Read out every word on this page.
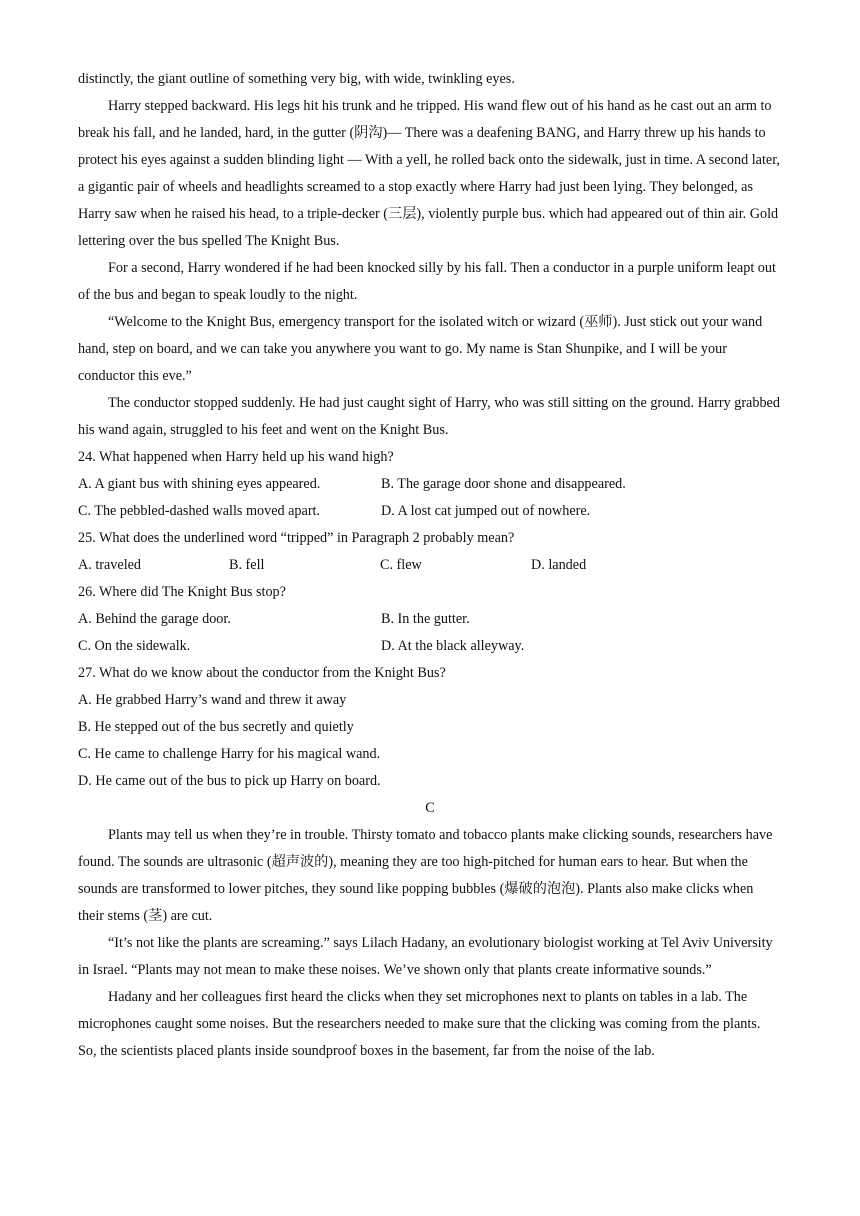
distinctly, the giant outline of something very big, with wide, twinkling eyes.

Harry stepped backward. His legs hit his trunk and he tripped. His wand flew out of his hand as he cast out an arm to break his fall, and he landed, hard, in the gutter (阴沟)— There was a deafening BANG, and Harry threw up his hands to protect his eyes against a sudden blinding light — With a yell, he rolled back onto the sidewalk, just in time. A second later, a gigantic pair of wheels and headlights screamed to a stop exactly where Harry had just been lying. They belonged, as Harry saw when he raised his head, to a triple-decker (三层), violently purple bus. which had appeared out of thin air. Gold lettering over the bus spelled The Knight Bus.

For a second, Harry wondered if he had been knocked silly by his fall. Then a conductor in a purple uniform leapt out of the bus and began to speak loudly to the night.

“Welcome to the Knight Bus, emergency transport for the isolated witch or wizard (巫师). Just stick out your wand hand, step on board, and we can take you anywhere you want to go. My name is Stan Shunpike, and I will be your conductor this eve.”

The conductor stopped suddenly. He had just caught sight of Harry, who was still sitting on the ground. Harry grabbed his wand again, struggled to his feet and went on the Knight Bus.

24. What happened when Harry held up his wand high?

A. A giant bus with shining eyes appeared.	B. The garage door shone and disappeared.
C. The pebbled-dashed walls moved apart.	D. A lost cat jumped out of nowhere.

25. What does the underlined word “tripped” in Paragraph 2 probably mean?

A. traveled	B. fell	C. flew	D. landed

26. Where did The Knight Bus stop?

A. Behind the garage door.	B. In the gutter.
C. On the sidewalk.	D. At the black alleyway.

27. What do we know about the conductor from the Knight Bus?

A. He grabbed Harry’s wand and threw it away

B. He stepped out of the bus secretly and quietly

C. He came to challenge Harry for his magical wand.

D. He came out of the bus to pick up Harry on board.

C

Plants may tell us when they’re in trouble. Thirsty tomato and tobacco plants make clicking sounds, researchers have found. The sounds are ultrasonic (超声波的), meaning they are too high-pitched for human ears to hear. But when the sounds are transformed to lower pitches, they sound like popping bubbles (爆破的泡泡). Plants also make clicks when their stems (茎) are cut.

“It’s not like the plants are screaming.” says Lilach Hadany, an evolutionary biologist working at Tel Aviv University in Israel. “Plants may not mean to make these noises. We’ve shown only that plants create informative sounds.”

Hadany and her colleagues first heard the clicks when they set microphones next to plants on tables in a lab. The microphones caught some noises. But the researchers needed to make sure that the clicking was coming from the plants. So, the scientists placed plants inside soundproof boxes in the basement, far from the noise of the lab.
